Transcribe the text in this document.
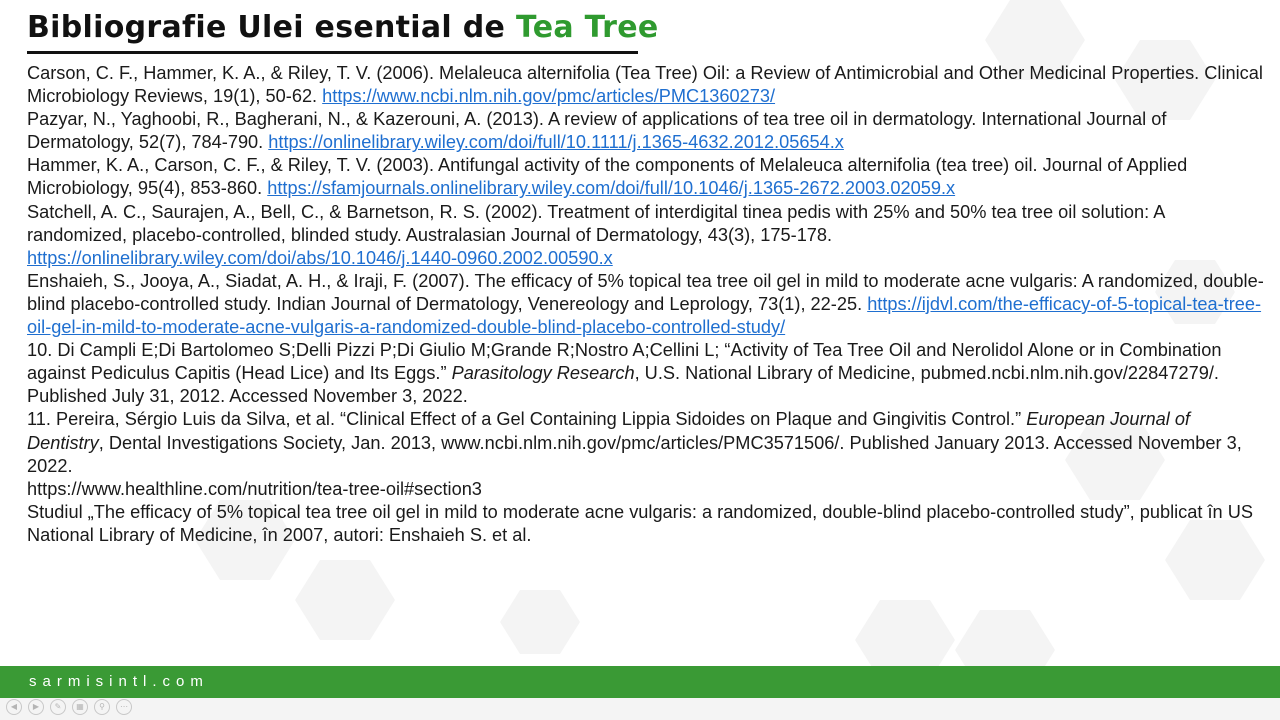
Bibliografie Ulei esential de Tea Tree

Carson, C. F., Hammer, K. A., & Riley, T. V. (2006). Melaleuca alternifolia (Tea Tree) Oil: a Review of Antimicrobial and Other Medicinal Properties. Clinical Microbiology Reviews, 19(1), 50-62. https://www.ncbi.nlm.nih.gov/pmc/articles/PMC1360273/

Pazyar, N., Yaghoobi, R., Bagherani, N., & Kazerouni, A. (2013). A review of applications of tea tree oil in dermatology. International Journal of Dermatology, 52(7), 784-790. https://onlinelibrary.wiley.com/doi/full/10.1111/j.1365-4632.2012.05654.x

Hammer, K. A., Carson, C. F., & Riley, T. V. (2003). Antifungal activity of the components of Melaleuca alternifolia (tea tree) oil. Journal of Applied Microbiology, 95(4), 853-860. https://sfamjournals.onlinelibrary.wiley.com/doi/full/10.1046/j.1365-2672.2003.02059.x

Satchell, A. C., Saurajen, A., Bell, C., & Barnetson, R. S. (2002). Treatment of interdigital tinea pedis with 25% and 50% tea tree oil solution: A randomized, placebo-controlled, blinded study. Australasian Journal of Dermatology, 43(3), 175-178. https://onlinelibrary.wiley.com/doi/abs/10.1046/j.1440-0960.2002.00590.x

Enshaieh, S., Jooya, A., Siadat, A. H., & Iraji, F. (2007). The efficacy of 5% topical tea tree oil gel in mild to moderate acne vulgaris: A randomized, double-blind placebo-controlled study. Indian Journal of Dermatology, Venereology and Leprology, 73(1), 22-25. https://ijdvl.com/the-efficacy-of-5-topical-tea-tree-oil-gel-in-mild-to-moderate-acne-vulgaris-a-randomized-double-blind-placebo-controlled-study/

10. Di Campli E;Di Bartolomeo S;Delli Pizzi P;Di Giulio M;Grande R;Nostro A;Cellini L; “Activity of Tea Tree Oil and Nerolidol Alone or in Combination against Pediculus Capitis (Head Lice) and Its Eggs.” Parasitology Research, U.S. National Library of Medicine, pubmed.ncbi.nlm.nih.gov/22847279/. Published July 31, 2012. Accessed November 3, 2022.

11. Pereira, Sérgio Luis da Silva, et al. “Clinical Effect of a Gel Containing Lippia Sidoides on Plaque and Gingivitis Control.” European Journal of Dentistry, Dental Investigations Society, Jan. 2013, www.ncbi.nlm.nih.gov/pmc/articles/PMC3571506/. Published January 2013. Accessed November 3, 2022.

https://www.healthline.com/nutrition/tea-tree-oil#section3

Studiul „The efficacy of 5% topical tea tree oil gel in mild to moderate acne vulgaris: a randomized, double-blind placebo-controlled study”, publicat în US National Library of Medicine, în 2007, autori: Enshaieh S. et al.

sarmisintl.com
◀	▶	✎	▦	⚲	⋯
